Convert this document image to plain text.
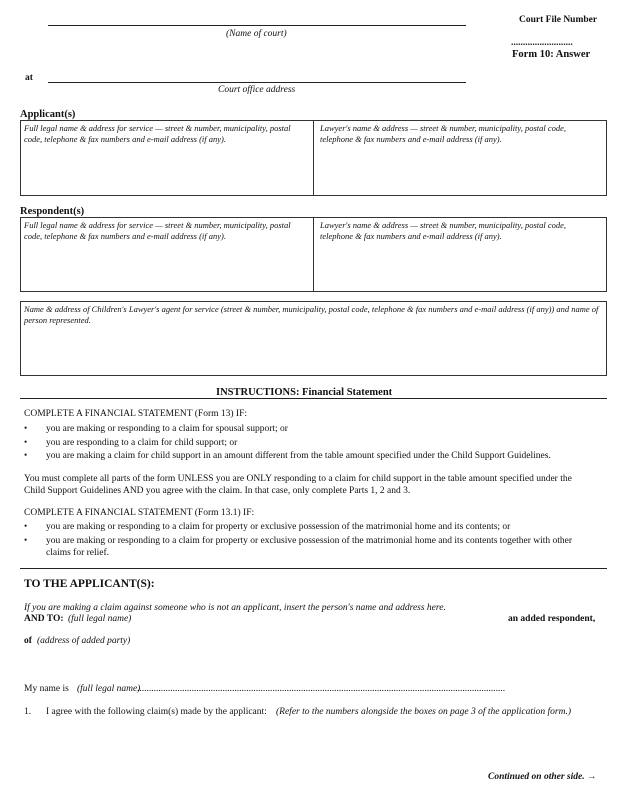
(Name of court)
Court File Number
..........................
Form 10: Answer
at
Court office address
Applicant(s)
Full legal name & address for service — street & number, municipality, postal code, telephone & fax numbers and e-mail address (if any).
Lawyer's name & address — street & number, municipality, postal code, telephone & fax numbers and e-mail address (if any).
Respondent(s)
Full legal name & address for service — street & number, municipality, postal code, telephone & fax numbers and e-mail address (if any).
Lawyer's name & address — street & number, municipality, postal code, telephone & fax numbers and e-mail address (if any).
Name & address of Children's Lawyer's agent for service (street & number, municipality, postal code, telephone & fax numbers and e-mail address (if any)) and name of person represented.
INSTRUCTIONS: Financial Statement
COMPLETE A FINANCIAL STATEMENT (Form 13) IF:
• you are making or responding to a claim for spousal support; or
• you are responding to a claim for child support; or
• you are making a claim for child support in an amount different from the table amount specified under the Child Support Guidelines.
You must complete all parts of the form UNLESS you are ONLY responding to a claim for child support in the table amount specified under the
Child Support Guidelines AND you agree with the claim. In that case, only complete Parts 1, 2 and 3.
COMPLETE A FINANCIAL STATEMENT (Form 13.1) IF:
• you are making or responding to a claim for property or exclusive possession of the matrimonial home and its contents; or
• you are making or responding to a claim for property or exclusive possession of the matrimonial home and its contents together with other claims for relief.
TO THE APPLICANT(S):
If you are making a claim against someone who is not an applicant, insert the person's name and address here.
AND TO: (full legal name)	an added respondent,
of (address of added party)
My name is (full legal name)
...........................................................................................................................................................
1. I agree with the following claim(s) made by the applicant: (Refer to the numbers alongside the boxes on page 3 of the application form.)
Continued on other side. →
